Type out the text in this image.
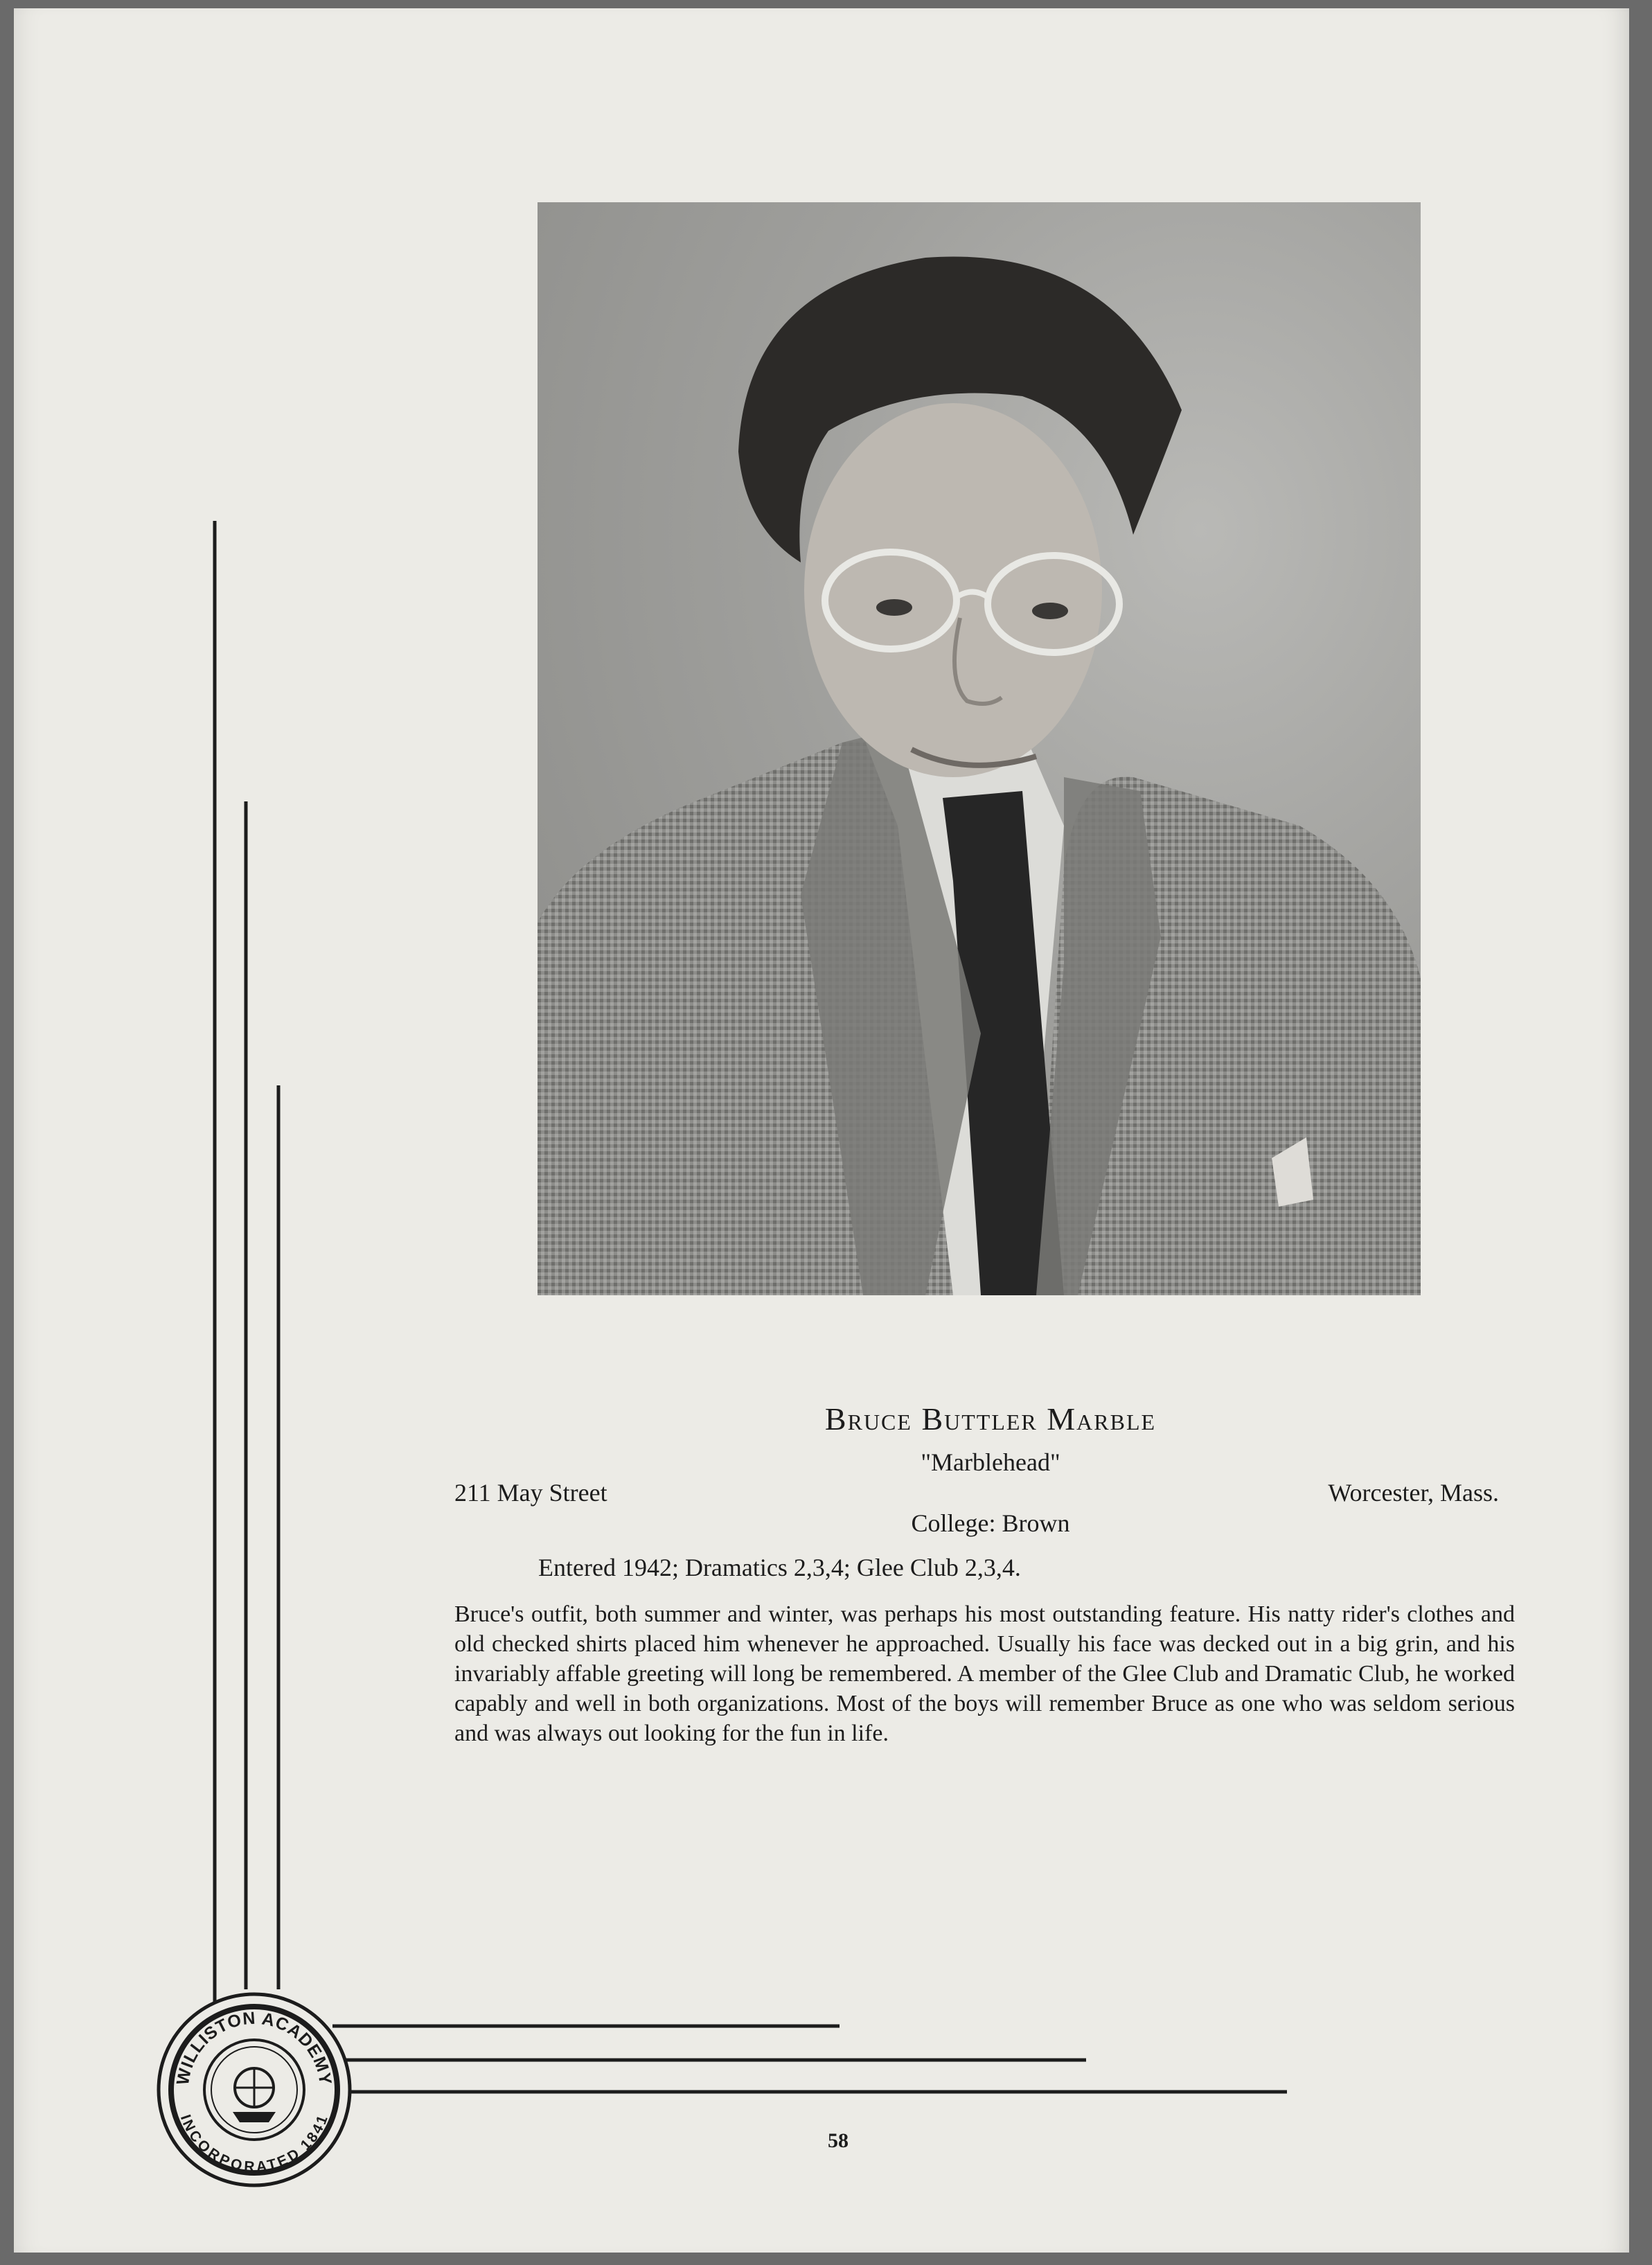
Bruce Buttler Marble
"Marblehead"
211 May Street	Worcester, Mass.
College: Brown
Entered 1942; Dramatics 2,3,4; Glee Club 2,3,4.

Bruce's outfit, both summer and winter, was perhaps his most outstanding feature. His natty rider's clothes and old checked shirts placed him whenever he approached. Usually his face was decked out in a big grin, and his invariably affable greeting will long be remembered. A member of the Glee Club and Dramatic Club, he worked capably and well in both organizations. Most of the boys will remember Bruce as one who was seldom serious and was always out looking for the fun in life.

WILLISTON ACADEMY
INCORPORATED 1841
58
